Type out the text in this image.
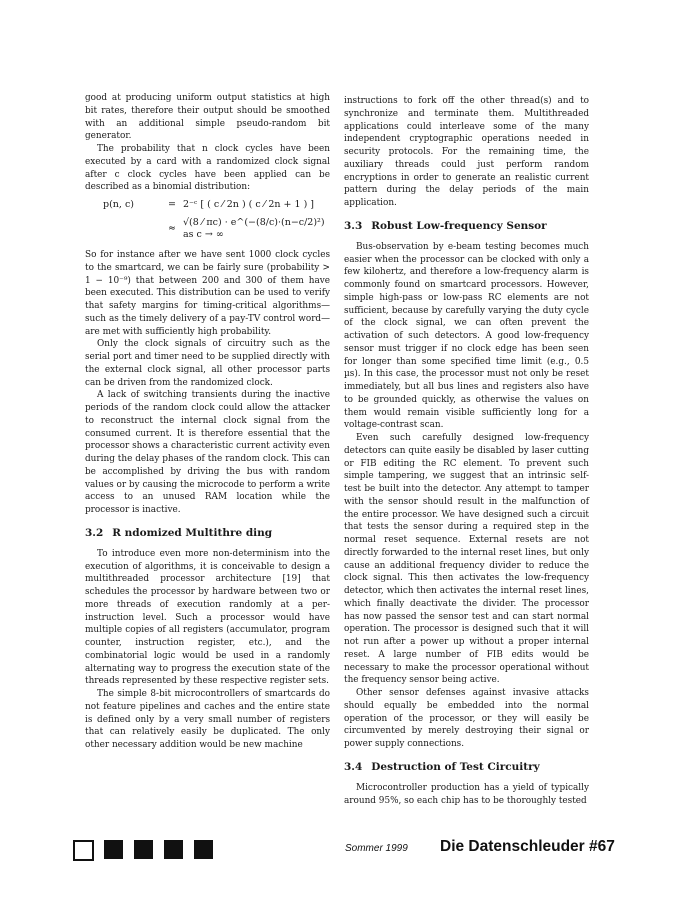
good at producing uniform output statistics at high bit rates, therefore their output should be smoothed with an additional simple pseudo-random bit generator.

The probability that n clock cycles have been executed by a card with a randomized clock signal after c clock cycles have been applied can be described as a binomial distribution:

p(n, c)	= 2⁻ᶜ [ ( c ⁄ 2n ) ( c ⁄ 2n + 1 ) ]
≈
√(8 ⁄ πc) · e^(−(8/c)·(n−c/2)²) as c → ∞

So for instance after we have sent 1000 clock cycles to the smartcard, we can be fairly sure (probability > 1 − 10⁻⁹) that between 200 and 300 of them have been executed. This distribution can be used to verify that safety margins for timing-critical algorithms—such as the timely delivery of a pay-TV control word—are met with sufficiently high probability.

Only the clock signals of circuitry such as the serial port and timer need to be supplied directly with the external clock signal, all other processor parts can be driven from the randomized clock.

A lack of switching transients during the inactive periods of the random clock could allow the attacker to reconstruct the internal clock signal from the consumed current. It is therefore essential that the processor shows a characteristic current activity even during the delay phases of the random clock. This can be accomplished by driving the bus with random values or by causing the microcode to perform a write access to an unused RAM location while the processor is inactive.

3.2 R ndomized Multithre ding

To introduce even more non-determinism into the execution of algorithms, it is conceivable to design a multithreaded processor architecture [19] that schedules the processor by hardware between two or more threads of execution randomly at a per-instruction level. Such a processor would have multiple copies of all registers (accumulator, program counter, instruction register, etc.), and the combinatorial logic would be used in a randomly alternating way to progress the execution state of the threads represented by these respective register sets.

The simple 8-bit microcontrollers of smartcards do not feature pipelines and caches and the entire state is defined only by a very small number of registers that can relatively easily be duplicated. The only other necessary addition would be new machine

instructions to fork off the other thread(s) and to synchronize and terminate them. Multithreaded applications could interleave some of the many independent cryptographic operations needed in security protocols. For the remaining time, the auxiliary threads could just perform random encryptions in order to generate an realistic current pattern during the delay periods of the main application.

3.3 Robust Low-frequency Sensor

Bus-observation by e-beam testing becomes much easier when the processor can be clocked with only a few kilohertz, and therefore a low-frequency alarm is commonly found on smartcard processors. However, simple high-pass or low-pass RC elements are not sufficient, because by carefully varying the duty cycle of the clock signal, we can often prevent the activation of such detectors. A good low-frequency sensor must trigger if no clock edge has been seen for longer than some specified time limit (e.g., 0.5 µs). In this case, the processor must not only be reset immediately, but all bus lines and registers also have to be grounded quickly, as otherwise the values on them would remain visible sufficiently long for a voltage-contrast scan.

Even such carefully designed low-frequency detectors can quite easily be disabled by laser cutting or FIB editing the RC element. To prevent such simple tampering, we suggest that an intrinsic self-test be built into the detector. Any attempt to tamper with the sensor should result in the malfunction of the entire processor. We have designed such a circuit that tests the sensor during a required step in the normal reset sequence. External resets are not directly forwarded to the internal reset lines, but only cause an additional frequency divider to reduce the clock signal. This then activates the low-frequency detector, which then activates the internal reset lines, which finally deactivate the divider. The processor has now passed the sensor test and can start normal operation. The processor is designed such that it will not run after a power up without a proper internal reset. A large number of FIB edits would be necessary to make the processor operational without the frequency sensor being active.

Other sensor defenses against invasive attacks should equally be embedded into the normal operation of the processor, or they will easily be circumvented by merely destroying their signal or power supply connections.

3.4 Destruction of Test Circuitry

Microcontroller production has a yield of typically around 95%, so each chip has to be thoroughly tested

Sommer 1999 Die Datenschleuder #67
